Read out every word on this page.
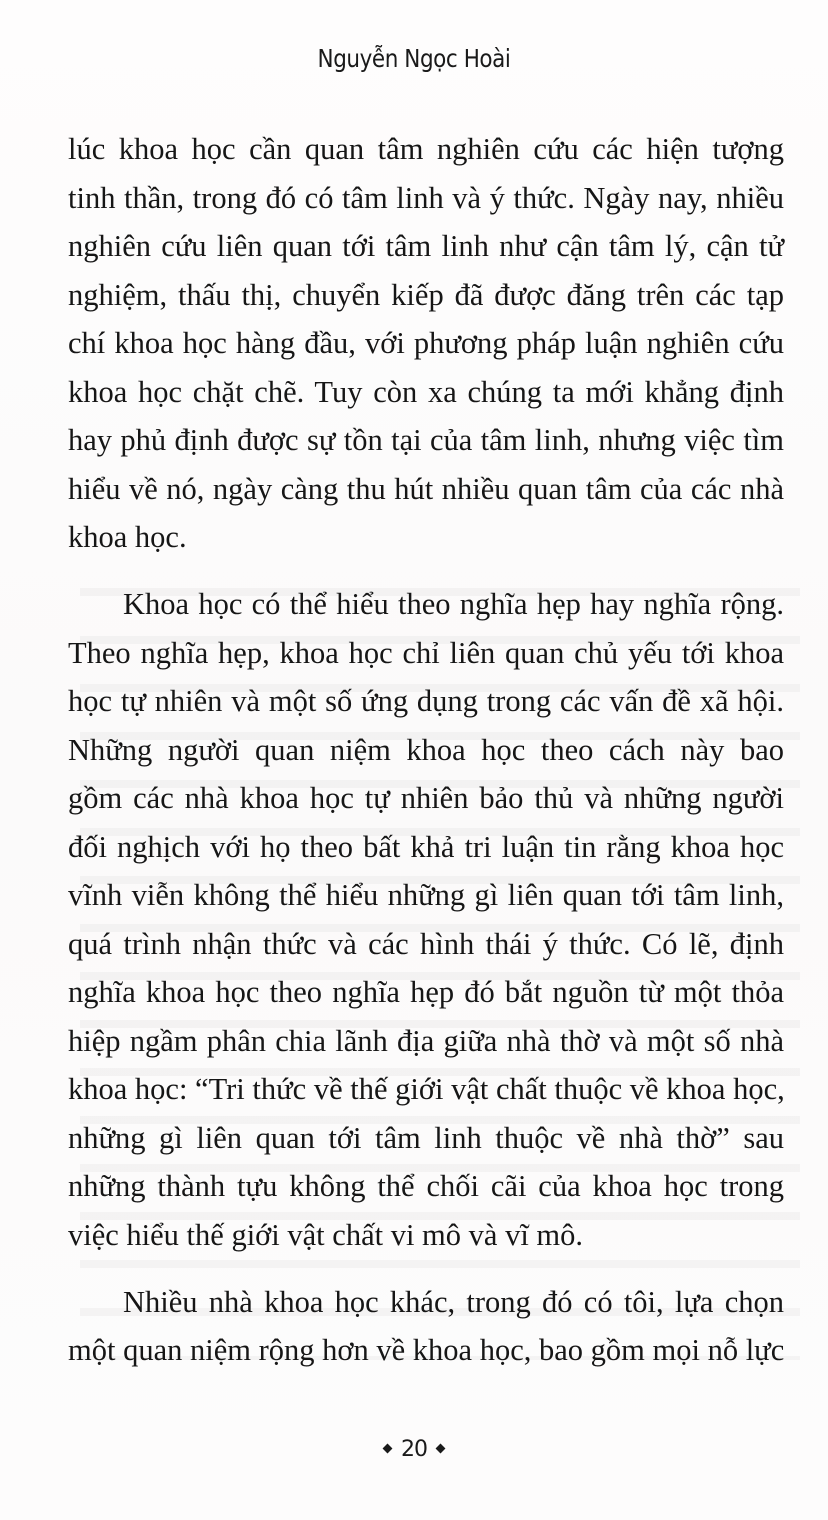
Nguyễn Ngọc Hoài
lúc khoa học cần quan tâm nghiên cứu các hiện tượng
tinh thần, trong đó có tâm linh và ý thức. Ngày nay, nhiều
nghiên cứu liên quan tới tâm linh như cận tâm lý, cận tử
nghiệm, thấu thị, chuyển kiếp đã được đăng trên các tạp
chí khoa học hàng đầu, với phương pháp luận nghiên cứu
khoa học chặt chẽ. Tuy còn xa chúng ta mới khẳng định
hay phủ định được sự tồn tại của tâm linh, nhưng việc tìm
hiểu về nó, ngày càng thu hút nhiều quan tâm của các nhà
khoa học.
Khoa học có thể hiểu theo nghĩa hẹp hay nghĩa rộng.
Theo nghĩa hẹp, khoa học chỉ liên quan chủ yếu tới khoa
học tự nhiên và một số ứng dụng trong các vấn đề xã hội.
Những người quan niệm khoa học theo cách này bao
gồm các nhà khoa học tự nhiên bảo thủ và những người
đối nghịch với họ theo bất khả tri luận tin rằng khoa học
vĩnh viễn không thể hiểu những gì liên quan tới tâm linh,
quá trình nhận thức và các hình thái ý thức. Có lẽ, định
nghĩa khoa học theo nghĩa hẹp đó bắt nguồn từ một thỏa
hiệp ngầm phân chia lãnh địa giữa nhà thờ và một số nhà
khoa học: “Tri thức về thế giới vật chất thuộc về khoa học,
những gì liên quan tới tâm linh thuộc về nhà thờ” sau
những thành tựu không thể chối cãi của khoa học trong
việc hiểu thế giới vật chất vi mô và vĩ mô.
Nhiều nhà khoa học khác, trong đó có tôi, lựa chọn
một quan niệm rộng hơn về khoa học, bao gồm mọi nỗ lực
20
